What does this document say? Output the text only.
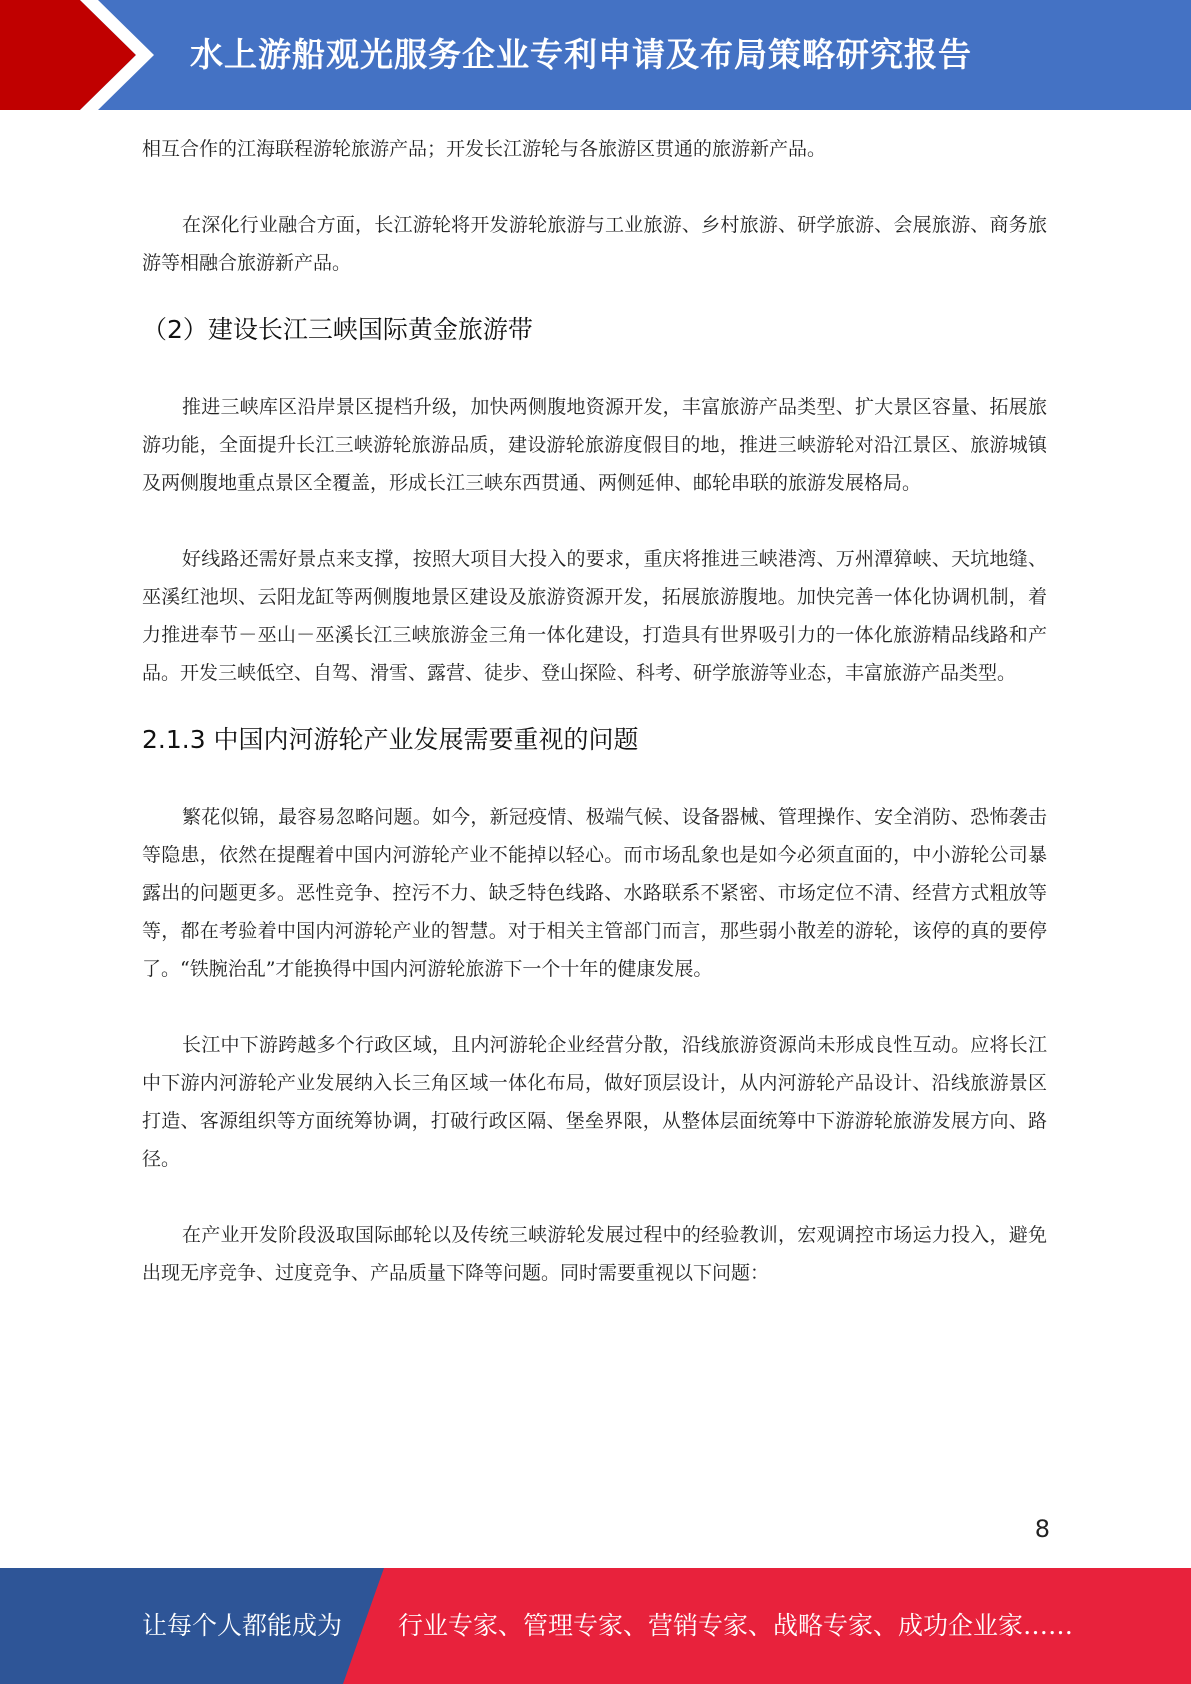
水上游船观光服务企业专利申请及布局策略研究报告

相互合作的江海联程游轮旅游产品；开发长江游轮与各旅游区贯通的旅游新产品。

在深化行业融合方面，长江游轮将开发游轮旅游与工业旅游、乡村旅游、研学旅游、会展旅游、商务旅游等相融合旅游新产品。

（2）建设长江三峡国际黄金旅游带

推进三峡库区沿岸景区提档升级，加快两侧腹地资源开发，丰富旅游产品类型、扩大景区容量、拓展旅游功能，全面提升长江三峡游轮旅游品质，建设游轮旅游度假目的地，推进三峡游轮对沿江景区、旅游城镇及两侧腹地重点景区全覆盖，形成长江三峡东西贯通、两侧延伸、邮轮串联的旅游发展格局。

好线路还需好景点来支撑，按照大项目大投入的要求，重庆将推进三峡港湾、万州潭獐峡、天坑地缝、巫溪红池坝、云阳龙缸等两侧腹地景区建设及旅游资源开发，拓展旅游腹地。加快完善一体化协调机制，着力推进奉节－巫山－巫溪长江三峡旅游金三角一体化建设，打造具有世界吸引力的一体化旅游精品线路和产品。开发三峡低空、自驾、滑雪、露营、徒步、登山探险、科考、研学旅游等业态，丰富旅游产品类型。

2.1.3 中国内河游轮产业发展需要重视的问题

繁花似锦，最容易忽略问题。如今，新冠疫情、极端气候、设备器械、管理操作、安全消防、恐怖袭击等隐患，依然在提醒着中国内河游轮产业不能掉以轻心。而市场乱象也是如今必须直面的，中小游轮公司暴露出的问题更多。恶性竞争、控污不力、缺乏特色线路、水路联系不紧密、市场定位不清、经营方式粗放等等，都在考验着中国内河游轮产业的智慧。对于相关主管部门而言，那些弱小散差的游轮，该停的真的要停了。“铁腕治乱”才能换得中国内河游轮旅游下一个十年的健康发展。

长江中下游跨越多个行政区域，且内河游轮企业经营分散，沿线旅游资源尚未形成良性互动。应将长江中下游内河游轮产业发展纳入长三角区域一体化布局，做好顶层设计，从内河游轮产品设计、沿线旅游景区打造、客源组织等方面统筹协调，打破行政区隔、堡垒界限，从整体层面统筹中下游游轮旅游发展方向、路径。

在产业开发阶段汲取国际邮轮以及传统三峡游轮发展过程中的经验教训，宏观调控市场运力投入，避免出现无序竞争、过度竞争、产品质量下降等问题。同时需要重视以下问题：

8
让每个人都能成为 行业专家、管理专家、营销专家、战略专家、成功企业家……
